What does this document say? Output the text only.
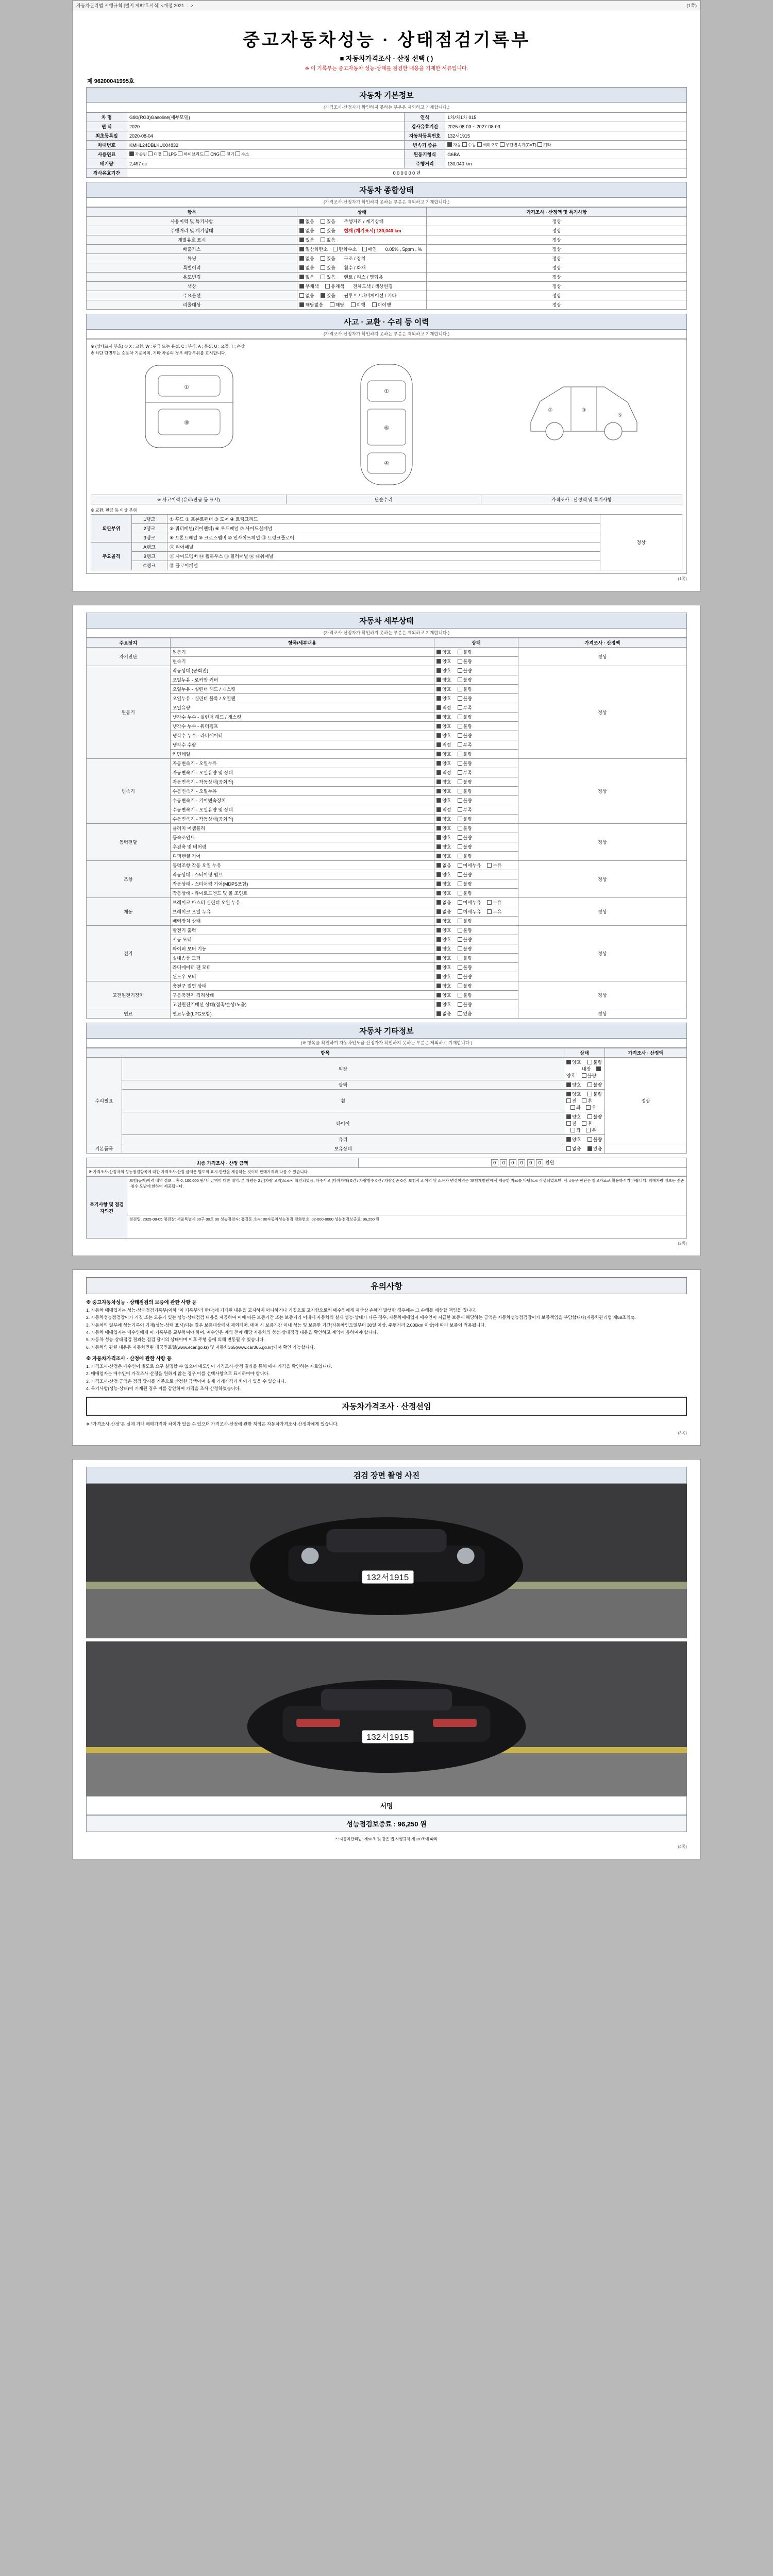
자동차관리법 시행규칙 [별지 제82호서식] <개정 2021. ...>	(1쪽)
중고자동차성능 · 상태점검기록부
■ 자동차가격조사 · 산정 선택 ( )
※ 이 기록부는 중고자동차 성능·상태를 점검한 내용을 기재한 서류입니다.
제 96200041995호
자동차 기본정보
(가격조사·산정자가 확인하지 못하는 부분은 제외하고 기재합니다.)
차 명	G80(RG3)Gasoline(세부모델)	연식	1차/차1차 015
연 식	2020	검사유효기간	2025-08-03 ~ 2027-08-03
최초등록일	2020-08-04	자동차등록번호	132서1915
차대번호	KMHL24DBLKU004832	변속기 종류	자동 수동 세미오토 무단변속기(CVT) 기타
사용연료	가솔린 디젤 LPG 하이브리드 CNG 전기 수소	원동기형식	G6BA
배기량	2,497 cc	주행거리	130,040 km
검사유효기간	0 0 0 0 0 0 년		
자동차 종합상태
(가격조사·산정자가 확인하지 못하는 부분은 제외하고 기재합니다.)
항목	상태	가격조사 · 산정액 및 특기사항
사용이력 및 특기사항	없음 있음 주행거리 / 계기상태	정상
주행거리 및 계기상태	없음 있음 현재 (계기표시) 130,040 km	정상
개별유효 표시	있음 없음	정상
배출가스	일산화탄소 탄화수소 매연 0.05% , 5ppm , %	정상
튜닝	없음 있음 구조 / 장치	정상
특별이력	없음 있음 침수 / 화재	정상
용도변경	없음 있음 렌트 / 리스 / 영업용	정상
색상	무채색 유채색 전체도색 / 색상변경	정상
주요옵션	없음 있음 썬루프 / 내비게이션 / 기타	정상
리콜대상	해당없음 해당 이행 미이행	정상
사고 · 교환 · 수리 등 이력
(가격조사·산정자가 확인하지 못하는 부분은 제외하고 기재합니다.)
※ (상태표시 부호) ① X : 교환, W : 판금 또는 용접, C : 부식, A : 흠집, U : 요철, T : 손상
※ 하단 단면부는 승용차 기준이며, 기타 차종의 경우 해당부위를 표시합니다.
①
⑧
①
⑥
④
②	③
⑤
※ 사고이력 (유리/판금 등 표시)	단순수리	가격조사 · 산정액 및 특기사항
※ 교환, 판금 등 이상 부위
외판부위	1랭크	① 후드 ② 프론트펜더 ③ 도어 ④ 트렁크리드	정상
	2랭크	⑤ 쿼터패널(리어펜더) ⑥ 루프패널 ⑦ 사이드실패널	
	3랭크	⑧ 프론트패널 ⑨ 크로스멤버 ⑩ 인사이드패널 ⑪ 트렁크플로어	
주요골격	A랭크	⑫ 리어패널	
	B랭크	⑬ 사이드멤버 ⑭ 휠하우스 ⑮ 필러패널 ⑯ 대쉬패널	
	C랭크	⑰ 플로어패널	
(1쪽)
자동차 세부상태
(가격조사·산정자가 확인하지 못하는 부분은 제외하고 기재합니다.)
주요장치	항목/세부내용	상태	가격조사 · 산정액
자기진단	원동기	양호 불량	정상
	변속기	양호 불량	
원동기	작동상태 (공회전)	양호 불량	정상
	오일누유 - 로커암 커버	양호 불량	
	오일누유 - 실린더 헤드 / 개스킷	양호 불량	
	오일누유 - 실린더 블록 / 오일팬	양호 불량	
	오일유량	적정 부족	
	냉각수 누수 - 실린더 헤드 / 개스킷	양호 불량	
	냉각수 누수 - 워터펌프	양호 불량	
	냉각수 누수 - 라디에이터	양호 불량	
	냉각수 수량	적정 부족	
	커먼레일	양호 불량	
변속기	자동변속기 - 오일누유	양호 불량	정상
	자동변속기 - 오일유량 및 상태	적정 부족	
	자동변속기 - 작동상태(공회전)	양호 불량	
	수동변속기 - 오일누유	양호 불량	
	수동변속기 - 기어변속장치	양호 불량	
	수동변속기 - 오일유량 및 상태	적정 부족	
	수동변속기 - 작동상태(공회전)	양호 불량	
동력전달	클러치 어셈블리	양호 불량	정상
	등속조인트	양호 불량	
	추진축 및 베어링	양호 불량	
	디퍼렌셜 기어	양호 불량	
조향	동력조향 작동 오일 누유	없음 미세누유 누유	정상
	작동상태 - 스티어링 펌프	양호 불량	
	작동상태 - 스티어링 기어(MDPS포함)	양호 불량	
	작동상태 - 타이로드엔드 및 볼 조인트	양호 불량	
제동	브레이크 마스터 실린더 오일 누유	없음 미세누유 누유	정상
	브레이크 오일 누유	없음 미세누유 누유	
	배력장치 상태	양호 불량	
전기	발전기 출력	양호 불량	정상
	시동 모터	양호 불량	
	와이퍼 모터 기능	양호 불량	
	실내송풍 모터	양호 불량	
	라디에이터 팬 모터	양호 불량	
	윈도우 모터	양호 불량	
고전원전기장치	충전구 절연 상태	양호 불량	정상
	구동축전지 격리상태	양호 불량	
	고전원전기배선 상태(접촉/손상/노출)	양호 불량	
연료	연료누출(LPG포함)	없음 있음	정상
자동차 기타정보
(※ 항목을 확인하여 자동차인도금·산정자가 확인하지 못하는 부분은 제외하고 기재합니다.)
항목		상태	가격조사 · 산정액
수리필요	외장	양호 불량 내장 양호 불량	정상
	광택	양호 불량	
	휠	양호 불량 전 후 좌 우	
	타이어	양호 불량 전 후 좌 우	
	유리	양호 불량	
기본품목	보유상태	없음 있음	
최종 가격조사 · 산정 금액	0 0 0 0 0 0 천원
※ 가격조사·산정자의 성능점검항목에 대한 가격조사·산정 금액은 별도의 표시·판단을 제공하는 것이며 판매가격과 다를 수 있습니다.
특기사항 및 점검자의견	보험(공제)이력 내역 정보 – 총 0, 100,000 원/ 내 금액이 대한 내역: 본 차량은 2건(차량 고지)으로써 확인되었음. 차주사고 (타차가해) 0건 / 차량침수 0건 / 차량전손 0건. 보험사고 이력 및 소유자 변경이력은 '보험개발원'에서 제공한 자료를 바탕으로 작성되었으며, 사고유무 판단은 참고자료로 활용하시기 바랍니다. 피해차량 정보는 전손·침수·도난에 한하여 제공됩니다.
점검일: 2025-08-05 점검장: 서울특별시 00구 00로 00 성능점검자: 홍길동 소속: 00자동차성능점검 전화번호: 02-000-0000 성능점검보증료: 96,250 원
(2쪽)
유의사항
※ 중고자동차성능 · 상태점검의 보증에 관한 사항 등

1. 자동차 매매업자는 성능·상태점검기록부(이하 "이 기록부"라 한다)에 기재된 내용을 고지하지 아니하거나 거짓으로 고지함으로써 매수인에게 재산상 손해가 발생한 경우에는 그 손해를 배상할 책임을 집니다.

2. 자동차성능점검장이가 거짓 또는 오류가 있는 성능·상태점검 내용을 제공하여 이에 따른 보증기간 또는 보증거리 이내에 자동차의 실제 성능·상태가 다른 경우, 자동차매매업자 매수인이 지급한 보증에 해당하는 금액은 자동차성능점검장이가 보증책임을 부담합니다(자동차관리법 제58조의4).

3. 자동차의 일부에 성능기록이 기재(성능·상태 표시)되는 경우 보증대상에서 제외되며, 매매 시 보증기간 이내 성능 및 보증한 기간(자동차인도일부터 30일 이상, 주행거리 2,000km 이상)에 따라 보증이 적용됩니다.

4. 자동차 매매업자는 매수인에게 이 기록부를 교부하여야 하며, 매수인은 계약 전에 해당 자동차의 성능·상태점검 내용을 확인하고 계약에 응하여야 합니다.

5. 자동차 성능·상태점검 결과는 점검 당시의 상태이며 이후 주행 등에 의해 변동될 수 있습니다.

6. 자동차의 관련 내용은 자동차민원 대국민포털(www.ecar.go.kr) 및 자동차365(www.car365.go.kr)에서 확인 가능합니다.

※ 자동차가격조사 · 산정에 관한 사항 등

1. 가격조사·산정은 매수인이 별도로 요구 설명할 수 없으며 매도인이 가격조사·산정 결과를 통해 매매 가격을 확인하는 자료입니다.

2. 매매업자는 매수인이 가격조사·산정을 원하지 않는 경우 이를 선택사항으로 표시하여야 합니다.

3. 가격조사·산정 금액은 점검 당시를 기준으로 산정한 금액이며 실제 거래가격과 차이가 있을 수 있습니다.

4. 특기사항(성능·상태)이 기재된 경우 이를 감안하여 가격을 조사·산정하였습니다.

자동차가격조사 · 산정선임

※ "가격조사·산정"은 실제 거래 매매가격과 차이가 있을 수 있으며 가격조사·산정에 관한 책임은 자동차가격조사·산정자에게 있습니다.

(3쪽)
검검 장면 촬영 사진
132서1915
132서1915
서명
성능점검보증료 : 96,250 원
* "자동차관리법" 제58조 및 같은 법 시행규칙 제120조에 따라
(4쪽)
